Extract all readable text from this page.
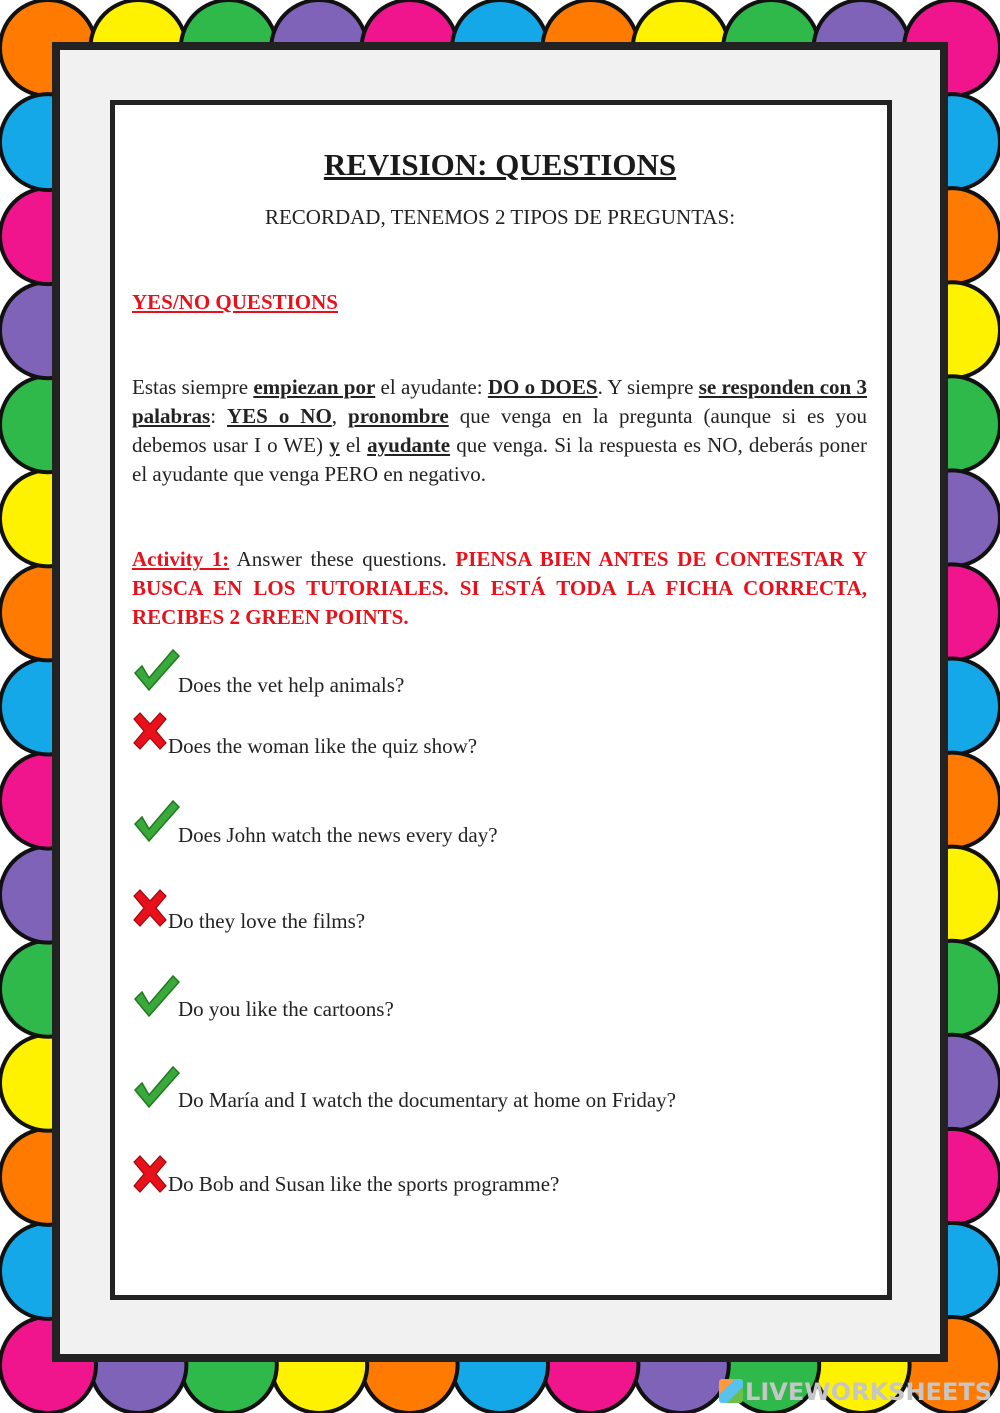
REVISION: QUESTIONS
RECORDAD, TENEMOS 2 TIPOS DE PREGUNTAS:
YES/NO QUESTIONS
Estas siempre empiezan por el ayudante: DO o DOES. Y siempre se responden con 3 palabras: YES o NO, pronombre que venga en la pregunta (aunque si es you debemos usar I o WE) y el ayudante que venga. Si la respuesta es NO, deberás poner el ayudante que venga PERO en negativo.
Activity 1: Answer these questions. PIENSA BIEN ANTES DE CONTESTAR Y BUSCA EN LOS TUTORIALES. SI ESTÁ TODA LA FICHA CORRECTA, RECIBES 2 GREEN POINTS.
Does the vet help animals?
Does the woman like the quiz show?
Does John watch the news every day?
Do they love the films?
Do you like the cartoons?
Do María and I watch the documentary at home on Friday?
Do Bob and Susan like the sports programme?
LIVEWORKSHEETS
